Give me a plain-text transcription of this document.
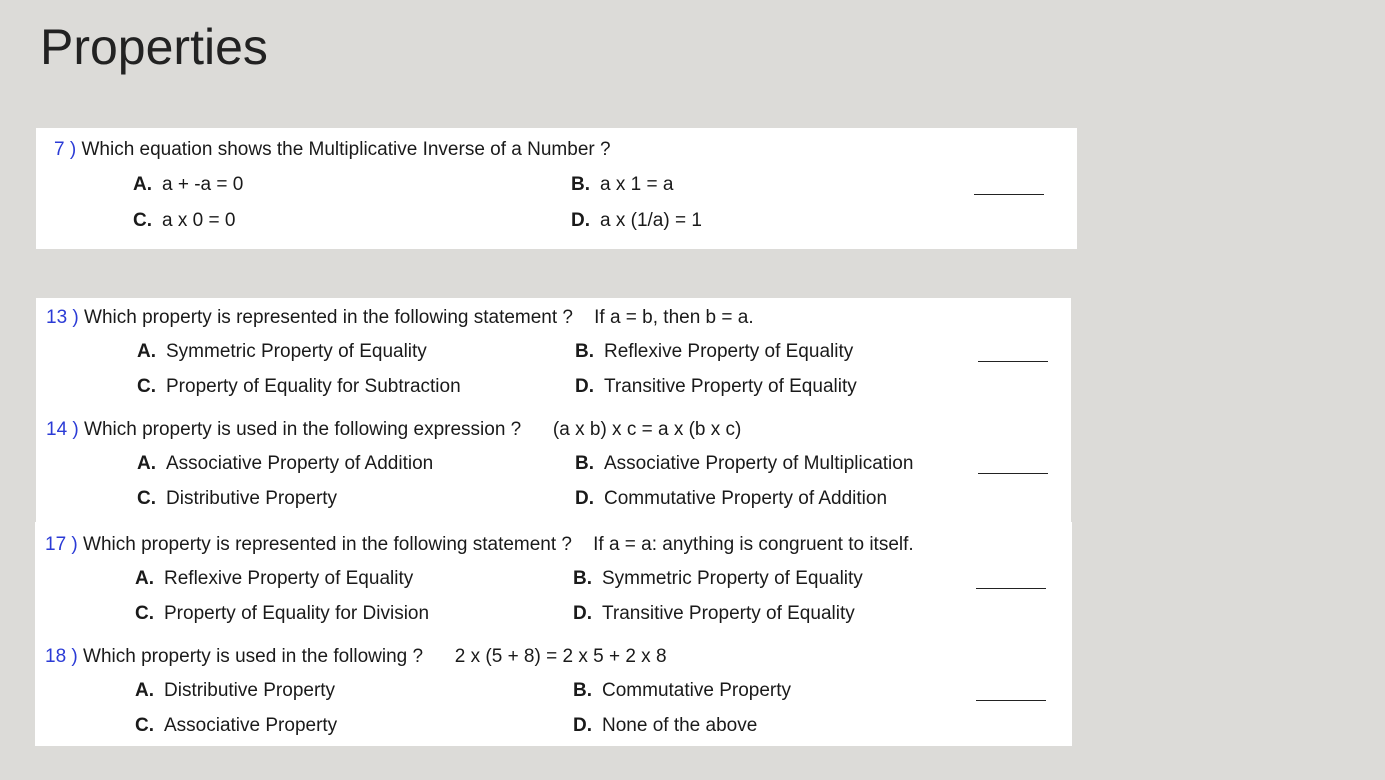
Properties
7 ) Which equation shows the Multiplicative Inverse of a Number ?
A. a + -a = 0	B. a x 1 = a
C. a x 0 = 0	D. a x (1/a) = 1
13 ) Which property is represented in the following statement ?    If a = b, then b = a.
A. Symmetric Property of Equality	B. Reflexive Property of Equality
C. Property of Equality for Subtraction	D. Transitive Property of Equality
14 ) Which property is used in the following expression ?      (a x b) x c = a x (b x c)
A. Associative Property of Addition	B. Associative Property of Multiplication
C. Distributive Property	D. Commutative Property of Addition
17 ) Which property is represented in the following statement ?    If a = a: anything is congruent to itself.
A. Reflexive Property of Equality	B. Symmetric Property of Equality
C. Property of Equality for Division	D. Transitive Property of Equality
18 ) Which property is used in the following ?      2 x (5 + 8) = 2 x 5 + 2 x 8
A. Distributive Property	B. Commutative Property
C. Associative Property	D. None of the above
